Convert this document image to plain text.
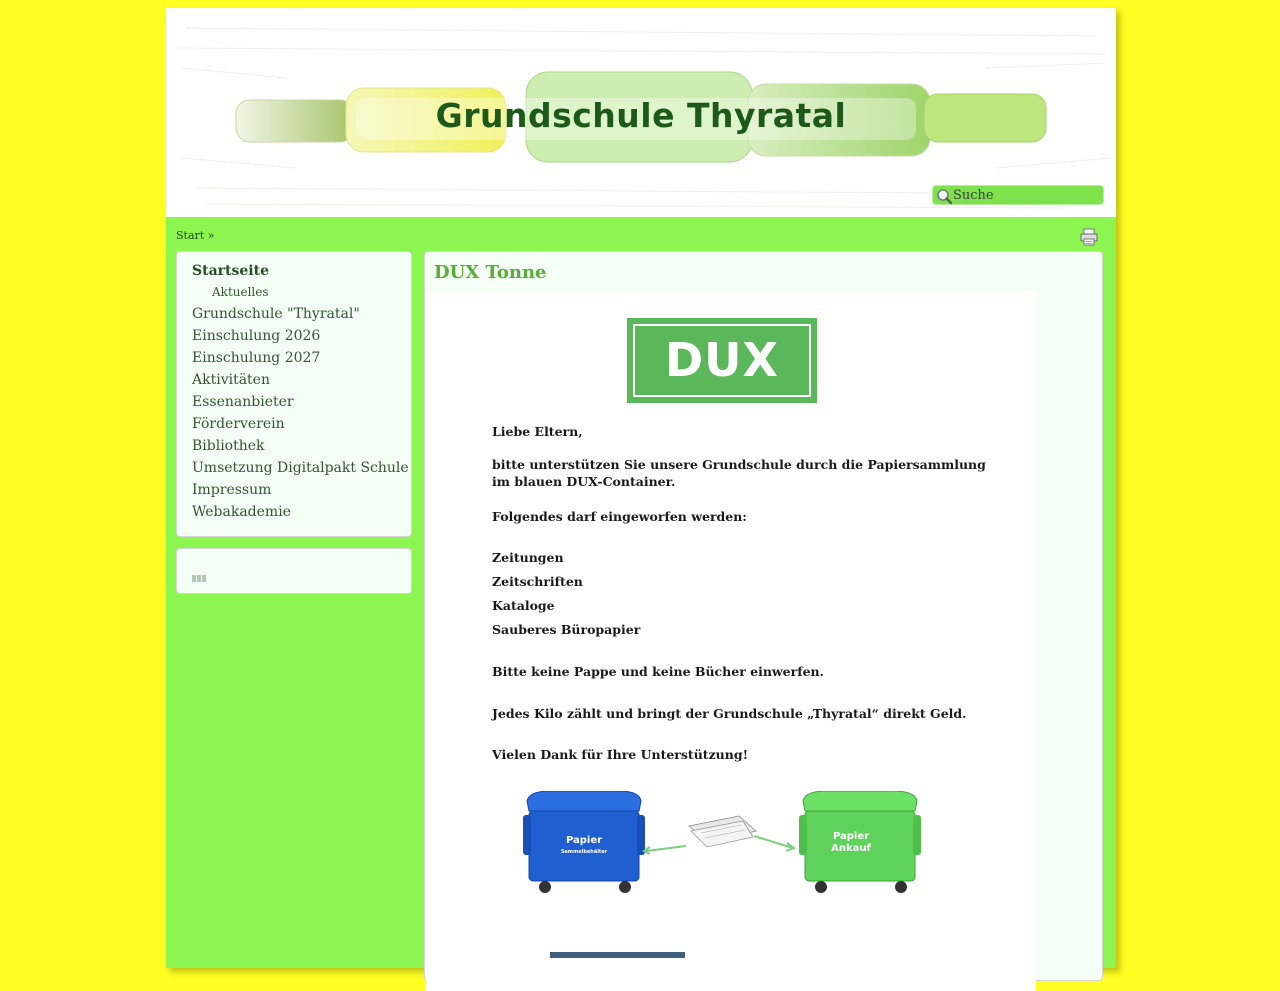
Grundschule Thyratal
Suche
Start »
Startseite
Aktuelles
Grundschule "Thyratal"
Einschulung 2026
Einschulung 2027
Aktivitäten
Essenanbieter
Förderverein
Bibliothek
Umsetzung Digitalpakt Schule
Impressum
Webakademie
DUX Tonne
DUX
Liebe Eltern,
bitte unterstützen Sie unsere Grundschule durch die Papiersammlung
im blauen DUX-Container.
Folgendes darf eingeworfen werden:
Zeitungen
Zeitschriften
Kataloge
Sauberes Büropapier
Bitte keine Pappe und keine Bücher einwerfen.
Jedes Kilo zählt und bringt der Grundschule „Thyratal“ direkt Geld.
Vielen Dank für Ihre Unterstützung!
Papier
Sammelbehälter
Papier
Ankauf
